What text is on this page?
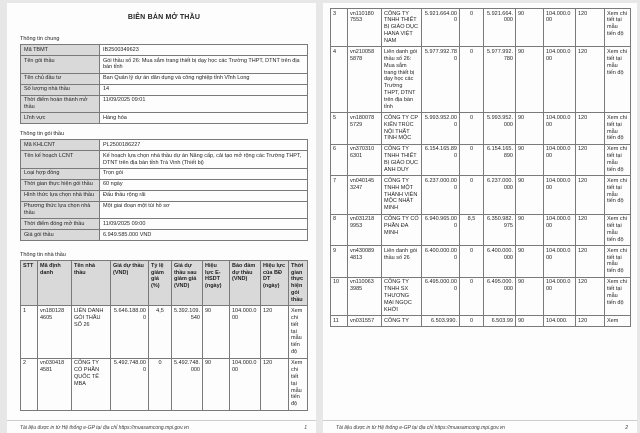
BIÊN BẢN MỞ THẦU
Thông tin chung
Mã TBMT	IB2500349623
Tên gói thầu	Gói thầu số 26: Mua sắm trang thiết bị dạy học các Trường THPT, DTNT trên địa bàn tỉnh
Tên chủ đầu tư	Ban Quản lý dự án dân dụng và công nghiệp tỉnh Vĩnh Long
Số lượng nhà thầu	14
Thời điểm hoàn thành mở thầu	11/09/2025 09:01
Lĩnh vực	Hàng hóa
Thông tin gói thầu
Mã KHLCNT	PL2500186227
Tên kế hoạch LCNT	Kế hoạch lựa chọn nhà thầu dự án Nâng cấp, cải tạo mở rộng các Trường THPT, DTNT trên địa bàn tỉnh Trà Vinh (Thiết bị)
Loại hợp đồng	Trọn gói
Thời gian thực hiện gói thầu	60 ngày
Hình thức lựa chọn nhà thầu	Đấu thầu rộng rãi
Phương thức lựa chọn nhà thầu	Một giai đoạn một túi hồ sơ
Thời điểm đóng mở thầu	11/09/2025 09:00
Giá gói thầu	6.949.585.000 VND
Thông tin nhà thầu
STT	Mã định danh	Tên nhà thầu	Giá dự thầu (VND)	Tỷ lệ giảm giá (%)	Giá dự thầu sau giảm giá (VND)	Hiệu lực E-HSDT (ngày)	Bảo đảm dự thầu (VND)	Hiệu lực của BĐ DT (ngày)	Thời gian thực hiện gói thầu
1	vn180128 4605	LIÊN DANH GÓI THẦU SỐ 26	5.646.188.000	4,5	5.392.109.540	90	104.000.000	120	Xem chi tiết tại mẫu tiến độ
2	vn030418 4581	CÔNG TY CỔ PHẦN QUỐC TẾ MBA	5.492.748.000	0	5.492.748.000	90	104.000.000	120	Xem chi tiết tại mẫu tiến độ
Tài liệu được in từ Hệ thống e-GP tại địa chỉ https://muasamcong.mpi.gov.vn	1
3	vn110180 7553	CÔNG TY TNHH THIẾT BỊ GIÁO DỤC HANA VIỆT NAM	5.921.664.000	0	5.921.664.000	90	104.000.000	120	Xem chi tiết tại mẫu tiến độ
4	vn210058 5878	Liên danh gói thầu số 26: Mua sắm trang thiết bị dạy học các Trường THPT, DTNT trên địa bàn tỉnh	5.977.992.780	0	5.977.992.780	90	104.000.000	120	Xem chi tiết tại mẫu tiến độ
5	vn180078 5729	CÔNG TY CP KIẾN TRÚC NỘI THẤT TINH MỘC	5.993.952.000	0	5.993.952.000	90	104.000.000	120	Xem chi tiết tại mẫu tiến độ
6	vn370310 6301	CÔNG TY TNHH THIẾT BỊ GIÁO DỤC ANH DUY	6.154.165.890	0	6.154.165.890	90	104.000.000	120	Xem chi tiết tại mẫu tiến độ
7	vn040145 3247	CÔNG TY TNHH MỘT THÀNH VIÊN MỘC NHẬT MINH	6.237.000.000	0	6.237.000.000	90	104.000.000	120	Xem chi tiết tại mẫu tiến độ
8	vn031218 9953	CÔNG TY CỔ PHẦN ĐA MINH	6.940.965.000	8,5	6.350.982.975	90	104.000.000	120	Xem chi tiết tại mẫu tiến độ
9	vn430089 4813	Liên danh gói thầu số 26	6.400.000.000	0	6.400.000.000	90	104.000.000	120	Xem chi tiết tại mẫu tiến độ
10	vn110063 3985	CÔNG TY TNHH SX THƯƠNG MẠI NGỌC KHỞI	6.495.000.000	0	6.495.000.000	90	104.000.000	120	Xem chi tiết tại mẫu tiến độ
11	vn031557	CÔNG TY	6.503.990.	0	6.503.99	90	104.000.	120	Xem
Tài liệu được in từ Hệ thống e-GP tại địa chỉ https://muasamcong.mpi.gov.vn	2
